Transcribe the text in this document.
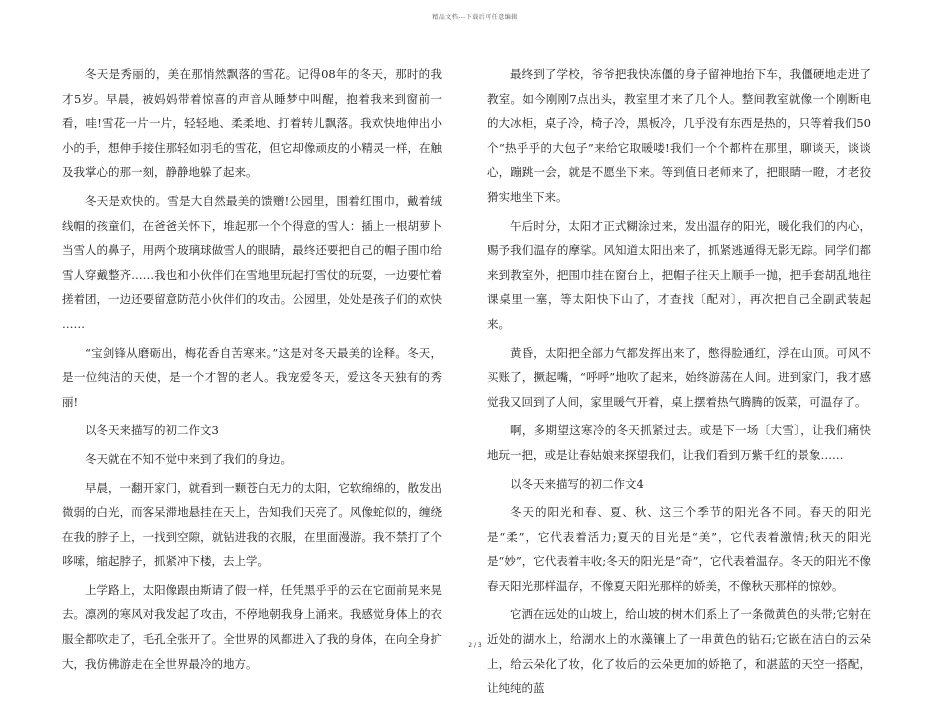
精品文档---下载后可任意编辑

冬天是秀丽的，美在那悄然飘落的雪花。记得08年的冬天，那时的我才5岁。早晨，被妈妈带着惊喜的声音从睡梦中叫醒，抱着我来到窗前一看，哇!雪花一片一片，轻轻地、柔柔地、打着转儿飘落。我欢快地伸出小小的手，想伸手接住那轻如羽毛的雪花，但它却像顽皮的小精灵一样，在触及我掌心的那一刻，静静地躲了起来。

冬天是欢快的。雪是大自然最美的馈赠!公园里，围着红围巾，戴着绒线帽的孩童们，在爸爸关怀下，堆起那一个个得意的雪人：插上一根胡萝卜当雪人的鼻子，用两个玻璃球做雪人的眼睛，最终还要把自己的帽子围巾给雪人穿戴整齐……我也和小伙伴们在雪地里玩起打雪仗的玩耍，一边要忙着搓着团，一边还要留意防范小伙伴们的攻击。公园里，处处是孩子们的欢快 ……

“宝剑锋从磨砺出，梅花香自苦寒来。”这是对冬天最美的诠释。冬天，是一位纯洁的天使，是一个才智的老人。我宠爱冬天，爱这冬天独有的秀丽!

以冬天来描写的初二作文3

冬天就在不知不觉中来到了我们的身边。

早晨，一翻开家门，就看到一颗苍白无力的太阳，它软绵绵的，散发出微弱的白光，而客呆滞地悬挂在天上，告知我们天亮了。风像蛇似的，缠绕在我的脖子上，一找到空隙，就钻进我的衣服，在里面漫游。我不禁打了个哆嗦，缩起脖子，抓紧冲下楼，去上学。

上学路上，太阳像跟由斯请了假一样，任凭黑乎乎的云在它面前晃来晃去。凛冽的寒风对我发起了攻击，不停地朝我身上涌来。我感觉身体上的衣服全都吹走了，毛孔全张开了。全世界的风都进入了我的身体，在向全身扩大，我仿佛游走在全世界最冷的地方。

最终到了学校，爷爷把我快冻僵的身子留神地抬下车，我僵硬地走进了教室。如今刚刚7点出头，教室里才来了几个人。整间教室就像一个刚断电的大冰柜，桌子冷，椅子冷，黑板冷，几乎没有东西是热的，只等着我们50个“热乎乎的大包子”来给它取暖喽!我们一个个都杵在那里，聊谈天，谈谈心，蹦跳一会，就是不愿坐下来。等到值日老师来了，把眼睛一瞪，才老狡猾实地坐下来。

午后时分，太阳才正式糊涂过来，发出温存的阳光，暖化我们的内心，赐予我们温存的摩挲。风知道太阳出来了，抓紧逃遁得无影无踪。同学们都来到教室外，把围巾挂在窗台上，把帽子往天上顺手一抛，把手套胡乱地往课桌里一塞，等太阳快下山了，才查找〔配对〕，再次把自己全副武装起来。

黄昏，太阳把全部力气都发挥出来了，憋得脸通红，浮在山顶。可风不买账了，撅起嘴，“呼呼”地吹了起来，始终游荡在人间。进到家门，我才感觉我又回到了人间，家里暖气开着，桌上摆着热气腾腾的饭菜，可温存了。

啊，多期望这寒冷的冬天抓紧过去。或是下一场〔大雪〕，让我们痛快地玩一把，或是让春姑娘来探望我们，让我们看到万紫千红的景象……

以冬天来描写的初二作文4

冬天的阳光和春、夏、秋、这三个季节的阳光各不同。春天的阳光是“柔”，它代表着活力;夏天的目光是“美”，它代表着激情;秋天的阳光是“妙”，它代表着丰收;冬天的阳光是“奇”，它代表着温存。冬天的阳光不像春天阳光那样温存，不像夏天阳光那样的娇美，不像秋天那样的惊妙。

它洒在远处的山坡上，给山坡的树木们系上了一条微黄色的头带;它射在近处的湖水上，给湖水上的水藻镶上了一串黄色的钻石;它嵌在洁白的云朵上，给云朵化了妆，化了妆后的云朵更加的娇艳了，和湛蓝的天空一搭配，让纯纯的蓝

2 / 3
